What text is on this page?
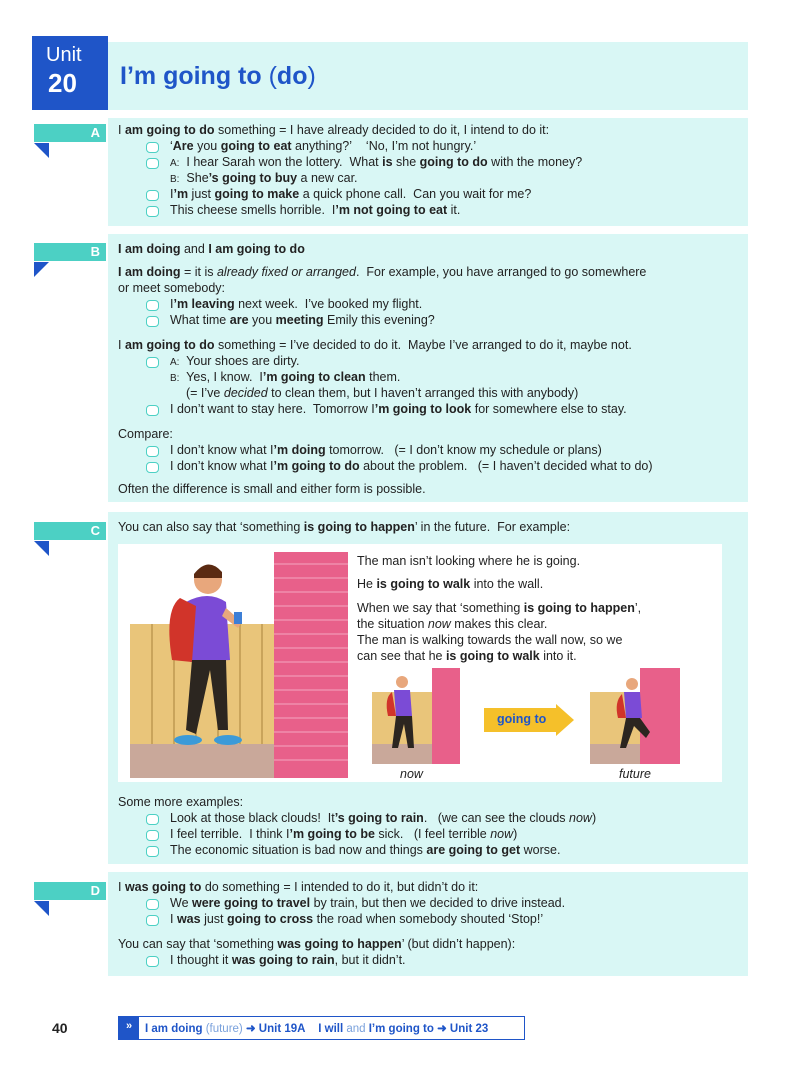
Unit
20 I’m going to (do)
A	I am going to do something = I have already decided to do it, I intend to do it:
‘Are you going to eat anything?’    ‘No, I’m not hungry.’
A:  I hear Sarah won the lottery.  What is she going to do with the money?
B:  She’s going to buy a new car.
I’m just going to make a quick phone call.  Can you wait for me?
This cheese smells horrible.  I’m not going to eat it.
B	I am doing and I am going to do
I am doing = it is already fixed or arranged.  For example, you have arranged to go somewhere
or meet somebody:
I’m leaving next week.  I’ve booked my flight.
What time are you meeting Emily this evening?
I am going to do something = I’ve decided to do it.  Maybe I’ve arranged to do it, maybe not.
A:  Your shoes are dirty.
B:  Yes, I know.  I’m going to clean them.
(= I’ve decided to clean them, but I haven’t arranged this with anybody)
I don’t want to stay here.  Tomorrow I’m going to look for somewhere else to stay.
Compare:
I don’t know what I’m doing tomorrow.   (= I don’t know my schedule or plans)
I don’t know what I’m going to do about the problem.   (= I haven’t decided what to do)
Often the difference is small and either form is possible.
C	You can also say that ‘something is going to happen’ in the future.  For example:
The man isn’t looking where he is going.
He is going to walk into the wall.
When we say that ‘something is going to happen’,
the situation now makes this clear.
The man is walking towards the wall now, so we
can see that he is going to walk into it.
going to
now	future
Some more examples:
Look at those black clouds!  It’s going to rain.   (we can see the clouds now)
I feel terrible.  I think I’m going to be sick.   (I feel terrible now)
The economic situation is bad now and things are going to get worse.
D	I was going to do something = I intended to do it, but didn’t do it:
We were going to travel by train, but then we decided to drive instead.
I was just going to cross the road when somebody shouted ‘Stop!’
You can say that ‘something was going to happen’ (but didn’t happen):
I thought it was going to rain, but it didn’t.
40	»	I am doing (future) ➜ Unit 19A I will and I’m going to ➜ Unit 23
